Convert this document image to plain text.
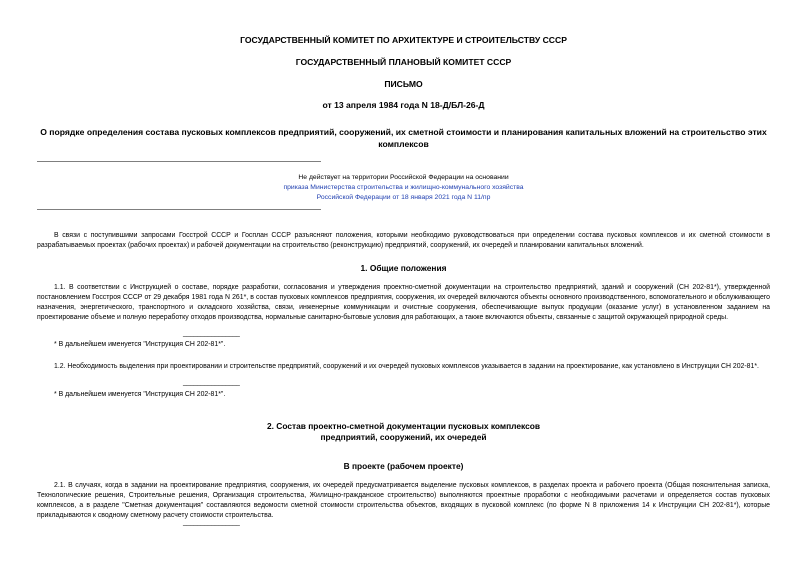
ГОСУДАРСТВЕННЫЙ КОМИТЕТ ПО АРХИТЕКТУРЕ И СТРОИТЕЛЬСТВУ СССР
ГОСУДАРСТВЕННЫЙ ПЛАНОВЫЙ КОМИТЕТ СССР
ПИСЬМО
от 13 апреля 1984 года N 18-Д/БЛ-26-Д
О порядке определения состава пусковых комплексов предприятий, сооружений, их сметной стоимости и планирования капитальных вложений на строительство этих комплексов
Не действует на территории Российской Федерации на основании
приказа Министерства строительства и жилищно-коммунального хозяйства
Российской Федерации от 18 января 2021 года N 11/пр
В связи с поступившими запросами Госстрой СССР и Госплан СССР разъясняют положения, которыми необходимо руководствоваться при определении состава пусковых комплексов и их сметной стоимости в разрабатываемых проектах (рабочих проектах) и рабочей документации на строительство (реконструкцию) предприятий, сооружений, их очередей и планировании капитальных вложений.
1. Общие положения
1.1. В соответствии с Инструкцией о составе, порядке разработки, согласования и утверждения проектно-сметной документации на строительство предприятий, зданий и сооружений (СН 202-81*), утвержденной постановлением Госстроя СССР от 29 декабря 1981 года N 261*, в состав пусковых комплексов предприятия, сооружения, их очередей включаются объекты основного производственного, вспомогательного и обслуживающего назначения, энергетического, транспортного и складского хозяйства, связи, инженерные коммуникации и очистные сооружения, обеспечивающие выпуск продукции (оказание услуг) в установленном заданием на проектирование объеме и полную переработку отходов производства, нормальные санитарно-бытовые условия для работающих, а также включаются объекты, связанные с защитой окружающей природной среды.
________________
* В дальнейшем именуется "Инструкция СН 202-81*".
1.2. Необходимость выделения при проектировании и строительстве предприятий, сооружений и их очередей пусковых комплексов указывается в задании на проектирование, как установлено в Инструкции СН 202-81*.
________________
* В дальнейшем именуется "Инструкция СН 202-81*".
2. Состав проектно-сметной документации пусковых комплексов
предприятий, сооружений, их очередей
В проекте (рабочем проекте)
2.1. В случаях, когда в задании на проектирование предприятия, сооружения, их очередей предусматривается выделение пусковых комплексов, в разделах проекта и рабочего проекта (Общая пояснительная записка, Технологические решения, Строительные решения, Организация строительства, Жилищно-гражданское строительство) выполняются проектные проработки с необходимыми расчетами и определяется состав пусковых комплексов, а в разделе "Сметная документация" составляются ведомости сметной стоимости строительства объектов, входящих в пусковой комплекс (по форме N 8 приложения 14 к Инструкции СН 202-81*), которые прикладываются к сводному сметному расчету стоимости строительства.
________________
